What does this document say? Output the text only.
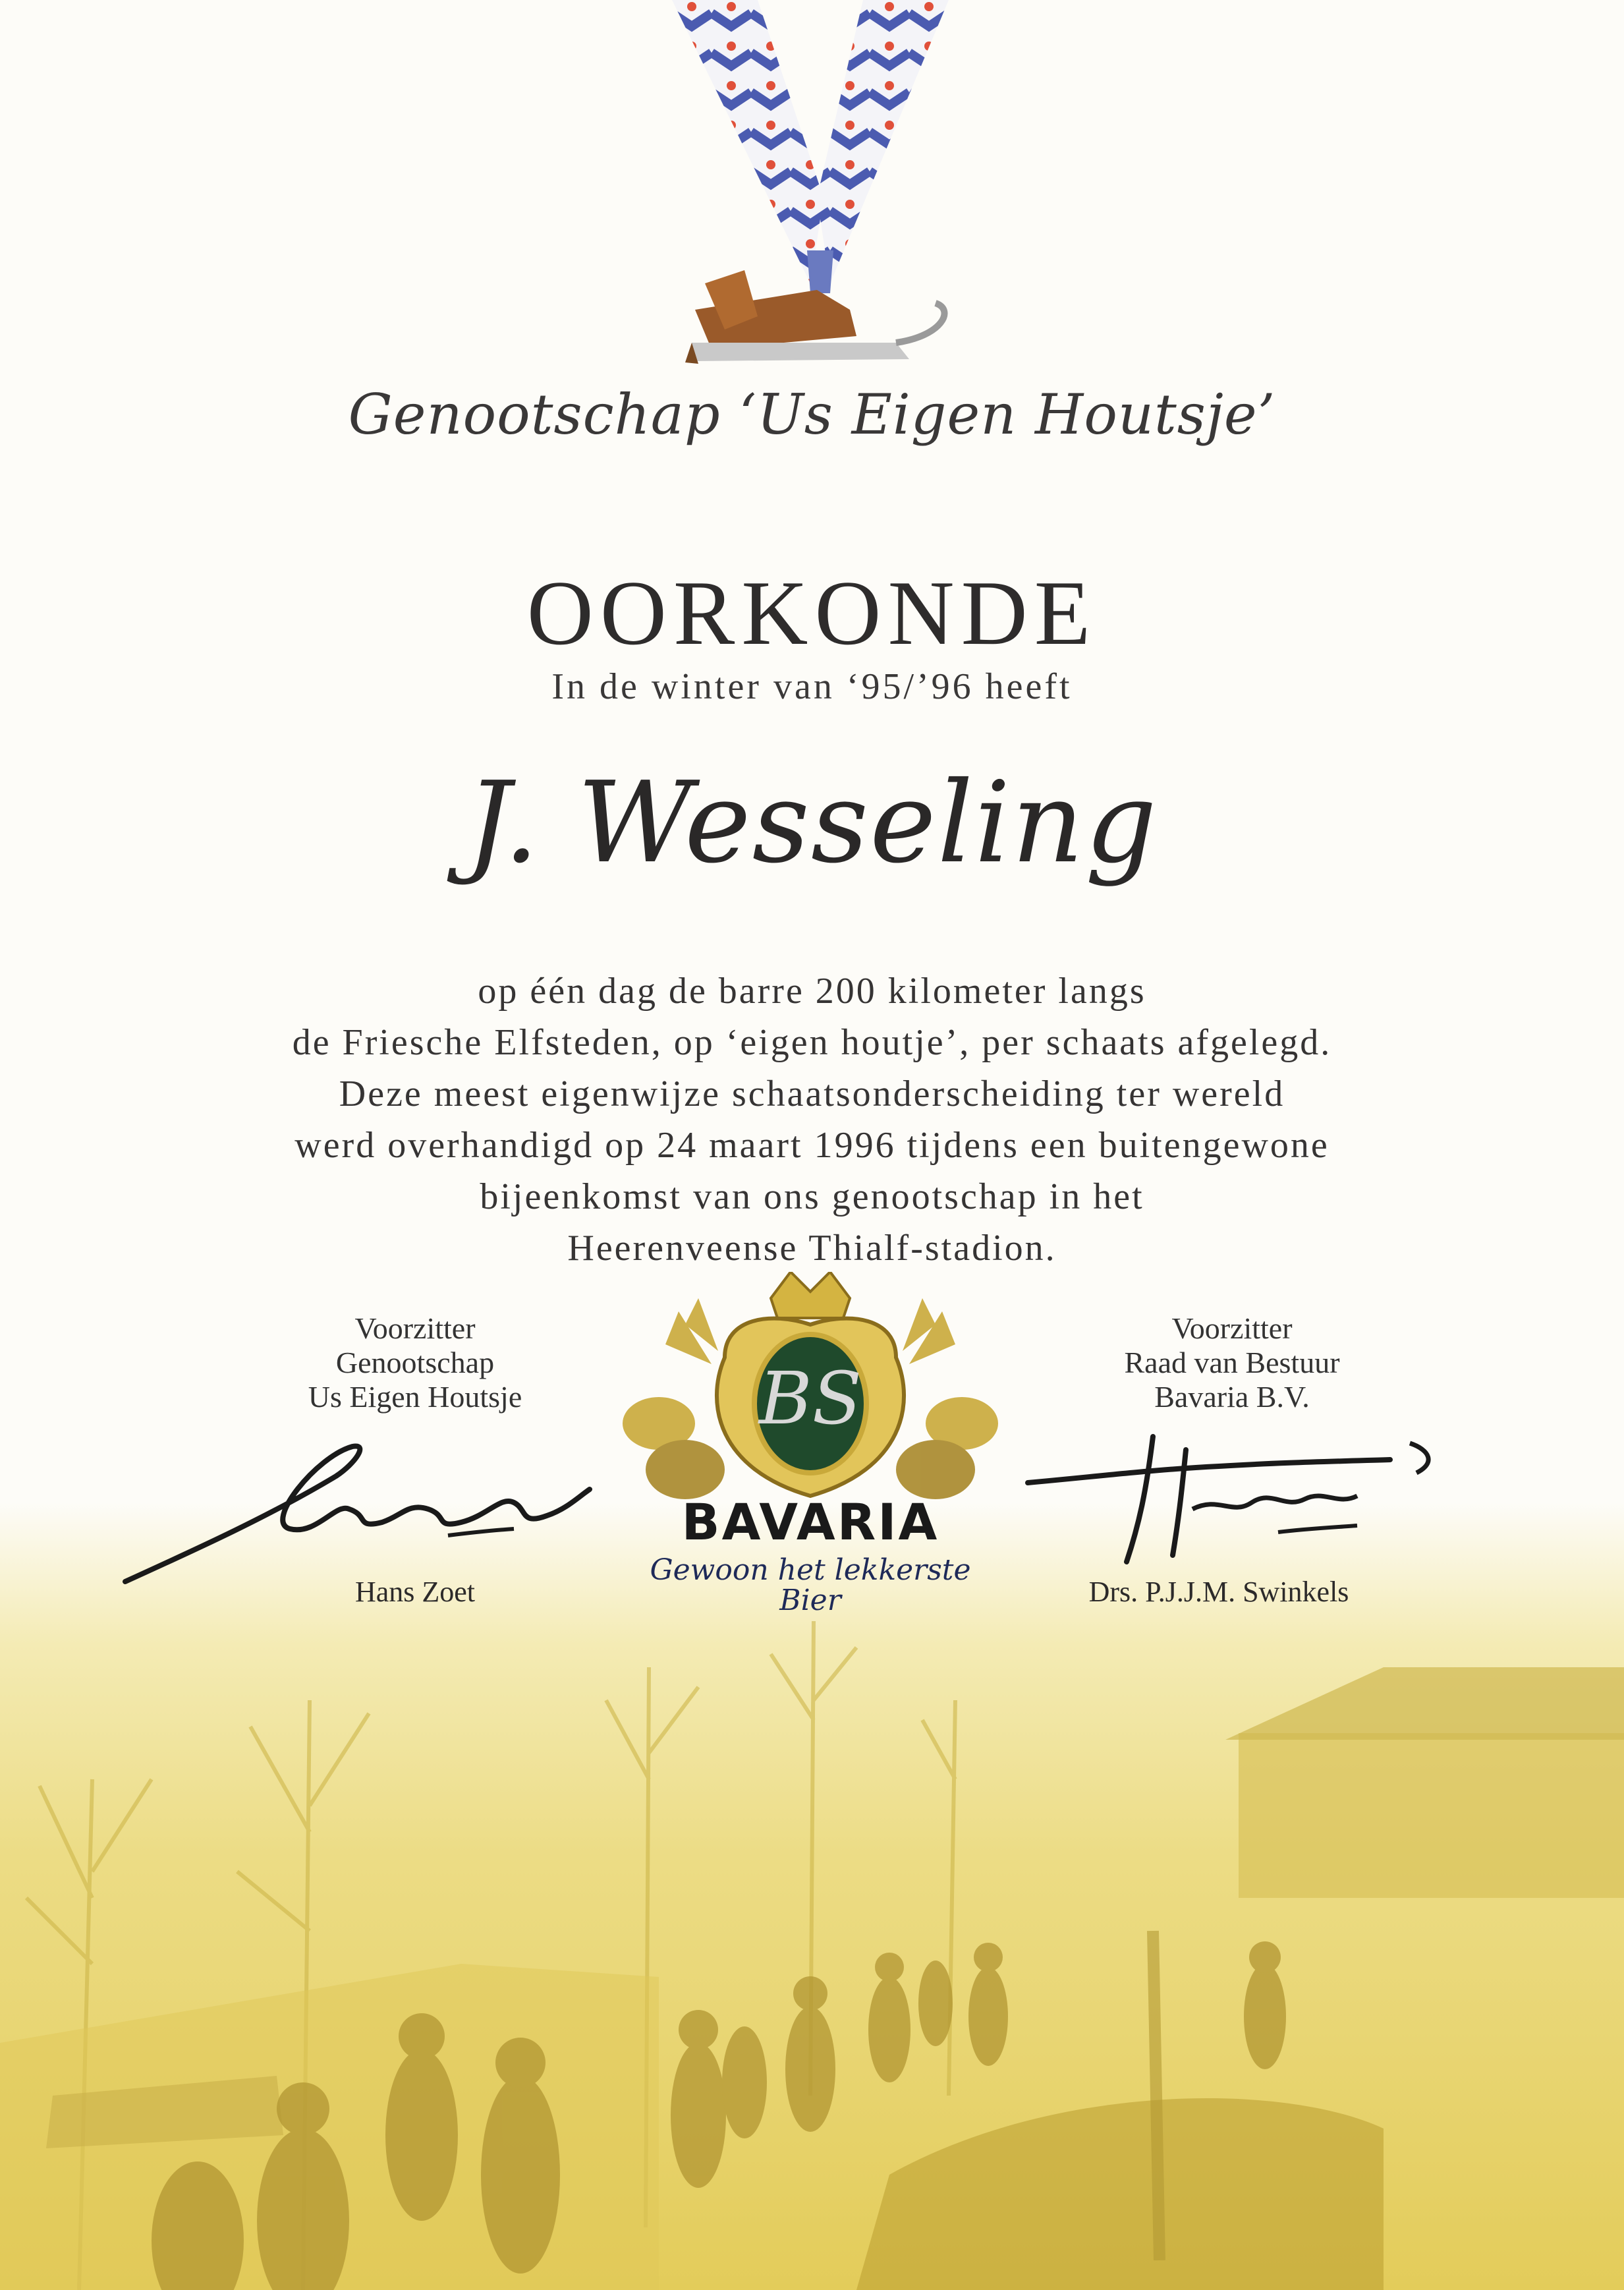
Genootschap ‘Us Eigen Houtsje’
OORKONDE
In de winter van ‘95/’96 heeft
J. Wesseling
op één dag de barre 200 kilometer langs
de Friesche Elfsteden, op ‘eigen houtje’, per schaats afgelegd.
Deze meest eigenwijze schaatsonderscheiding ter wereld
werd overhandigd op 24 maart 1996 tijdens een buitengewone
bijeenkomst van ons genootschap in het
Heerenveense Thialf-stadion.
Voorzitter
Genootschap
Us Eigen Houtsje
Voorzitter
Raad van Bestuur
Bavaria B.V.
Hans Zoet	Drs. P.J.J.M. Swinkels
BS
BAVARIA
Gewoon het lekkerste
Bier
